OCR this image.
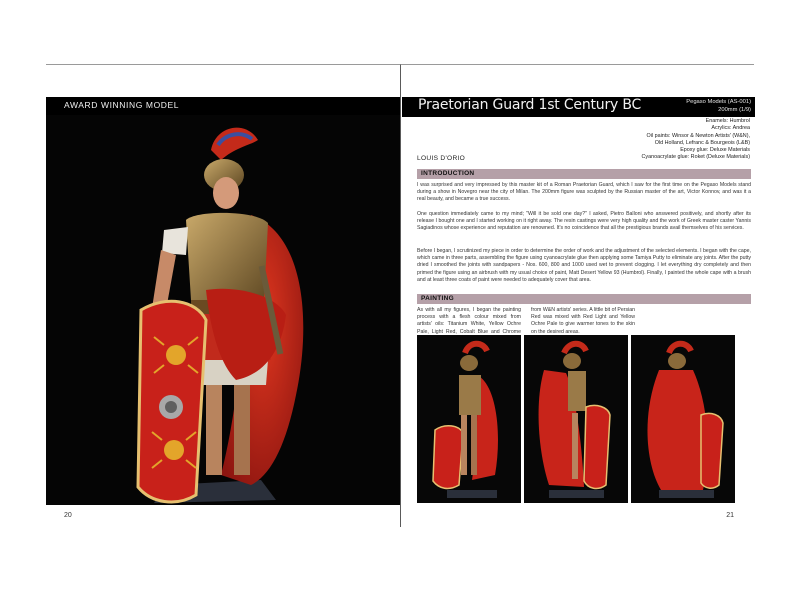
AWARD WINNING MODEL
20
Praetorian Guard 1st Century BC	Pegaso Models (AS-001)
200mm (1/9)
Enamels: Humbrol
Acrylics: Andrea
Oil paints: Winsor & Newton Artists' (W&N),
Old Holland, Lefranc & Bourgeois (L&B)
Epoxy glue: Deluxe Materials
Cyanoacrylate glue: Roket (Deluxe Materials)
LOUIS D'ORIO
INTRODUCTION
I was surprised and very impressed by this master kit of a Roman Praetorian Guard, which I saw for the first time on the Pegaso Models stand during a show in Novegro near the city of Milan. The 200mm figure was sculpted by the Russian master of the art, Victor Konnov, and was it a real beauty, and became a true success.
One question immediately came to my mind; "Will it be sold one day?" I asked, Pietro Balloni who answered positively, and shortly after its release I bought one and I started working on it right away. The resin castings were very high quality and the work of Greek master caster Yannis Sagiadinos whose experience and reputation are renowned. It's no coincidence that all the prestigious brands avail themselves of his services.
Before I began, I scrutinized my piece in order to determine the order of work and the adjustment of the selected elements. I began with the cape, which came in three parts, assembling the figure using cyanoacrylate glue then applying some Tamiya Putty to eliminate any joints. After the putty dried I smoothed the joints with sandpapers - Nos. 600, 800 and 1000 used wet to prevent clogging. I let everything dry completely and then primed the figure using an airbrush with my usual choice of paint, Matt Desert Yellow 93 (Humbrol). Finally, I painted the whole cape with a brush and at least three coats of paint were needed to adequately cover that area.
PAINTING
As with all my figures, I began the painting process with a flesh colour mixed from artists' oils: Titanium White, Yellow Ochre Pale, Light Red, Cobalt Blue and Chrome
from W&N artists' series. A little bit of Persian Red was mixed with Red Light and Yellow Ochre Pale to give warmer tones to the skin on the desired areas.
21
